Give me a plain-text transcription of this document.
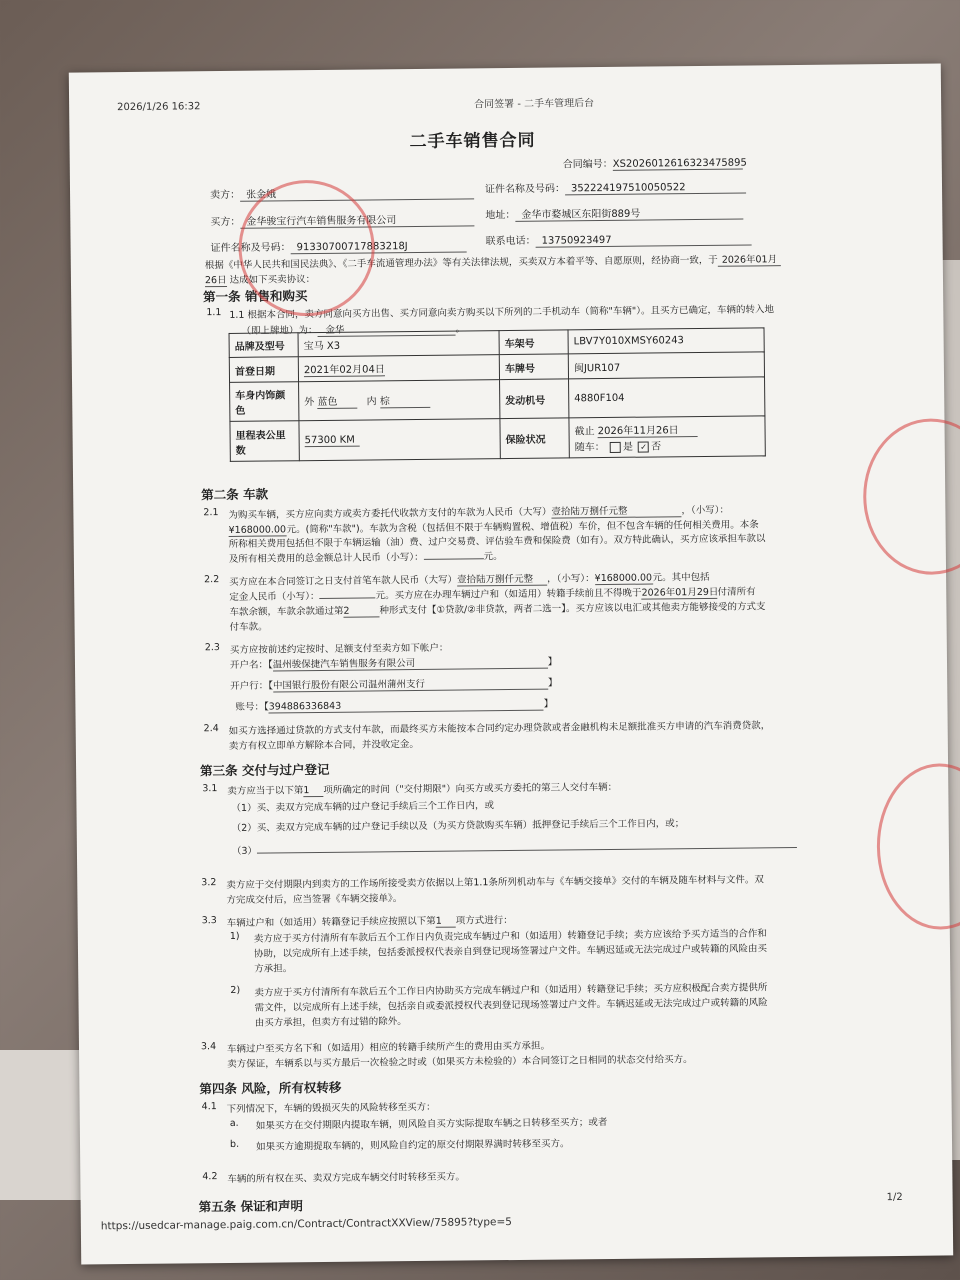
2026/1/26 16:32	合同签署 - 二手车管理后台
二手车销售合同
合同编号：XS20260126163234758​95
卖方： 张金娥	证件名称及号码： 352224197510050522
买方： 金华骏宝行汽车销售服务有限公司	地址： 金华市婺城区东阳街889号
证件名称及号码： 91330700717883218J	联系电话： 13750923497
根据《中华人民共和国民法典》、《二手车流通管理办法》等有关法律法规，买卖双方本着平等、自愿原则，经协商一致，于 2026年01月
26日 达成如下买卖协议：
第一条 销售和购买
1.1 1.1 根据本合同，卖方同意向买方出售、买方同意向卖方购买以下所列的二手机动车（简称"车辆"）。且买方已确定，车辆的转入地
（即上牌地）为： 金华	。
品牌及型号	宝马 X3	车架号	LBV7Y010XMSY60243
首登日期	2021年02月04日	车牌号	闽JUR107
车身内饰颜色	外 蓝色 内 棕	发动机号	4880F104
里程表公里数	57300 KM	保险状况	截止 2026年11月26日
随车： 是 ✓ 否
第二条 车款
2.1 为购买车辆，买方应向卖方或卖方委托代收款方支付的车款为人民币（大写）壹拾陆万捌仟元整	，（小写）：
¥168000.00元。(简称"车款")。车款为含税（包括但不限于车辆购置税、增值税）车价，但不包含车辆的任何相关费用。本条
所称相关费用包括但不限于车辆运输（油）费、过户交易费、评估验车费和保险费（如有）。双方特此确认，买方应该承担车款以
及所有相关费用的总金额总计人民币（小写）：	元。
2.2 买方应在本合同签订之日支付首笔车款人民币（大写）壹拾陆万捌仟元整 ，（小写）：¥168000.00元。其中包括
定金人民币（小写）：	元。买方应在办理车辆过户和（如适用）转籍手续前且不得晚于2026年01月29日付清所有
车款余额，车款余款通过第2	种形式支付【①贷款/②非贷款，两者二选一】。买方应该以电汇或其他卖方能够接受的方式支
付车款。
2.3 买方应按前述约定按时、足额支付至卖方如下帐户：
开户名：【温州骏保捷汽车销售服务有限公司	】
开户行：【中国银行股份有限公司温州蒲州支行	】
账号：【394886336843	】
2.4 如买方选择通过贷款的方式支付车款，而最终买方未能按本合同约定办理贷款或者金融机构未足额批准买方申请的汽车消费贷款，
卖方有权立即单方解除本合同，并没收定金。
第三条 交付与过户登记
3.1 卖方应当于以下第1 项所确定的时间（"交付期限"）向买方或买方委托的第三人交付车辆：
（1）买、卖双方完成车辆的过户登记手续后三个工作日内，或
（2）买、卖双方完成车辆的过户登记手续以及（为买方贷款购买车辆）抵押登记手续后三个工作日内，或；
（3）
3.2 卖方应于交付期限内到卖方的工作场所接受卖方依据以上第1.1条所列机动车与《车辆交接单》交付的车辆及随车材料与文件。双
方完成交付后，应当签署《车辆交接单》。
3.3 车辆过户和（如适用）转籍登记手续应按照以下第1 项方式进行：
1) 卖方应于买方付清所有车款后五个工作日内负责完成车辆过户和（如适用）转籍登记手续；卖方应该给予买方适当的合作和
协助，以完成所有上述手续，包括委派授权代表亲自到登记现场签署过户文件。车辆迟延或无法完成过户或转籍的风险由买
方承担。
2) 卖方应于买方付清所有车款后五个工作日内协助买方完成车辆过户和（如适用）转籍登记手续；买方应积极配合卖方提供所
需文件，以完成所有上述手续，包括亲自或委派授权代表到登记现场签署过户文件。车辆迟延或无法完成过户或转籍的风险
由买方承担，但卖方有过错的除外。
3.4 车辆过户至买方名下和（如适用）相应的转籍手续所产生的费用由买方承担。
卖方保证，车辆系以与买方最后一次检验之时或（如果买方未检验的）本合同签订之日相同的状态交付给买方。
第四条 风险，所有权转移
4.1 下列情况下，车辆的毁损灭失的风险转移至买方：
a. 如果买方在交付期限内提取车辆，则风险自买方实际提取车辆之日转移至买方；或者
b. 如果买方逾期提取车辆的，则风险自约定的原交付期限界满时转移至买方。
4.2 车辆的所有权在买、卖双方完成车辆交付时转移至买方。
第五条 保证和声明
https://usedcar-manage.paig.com.cn/Contract/ContractXXView/75895?type=5
1/2
